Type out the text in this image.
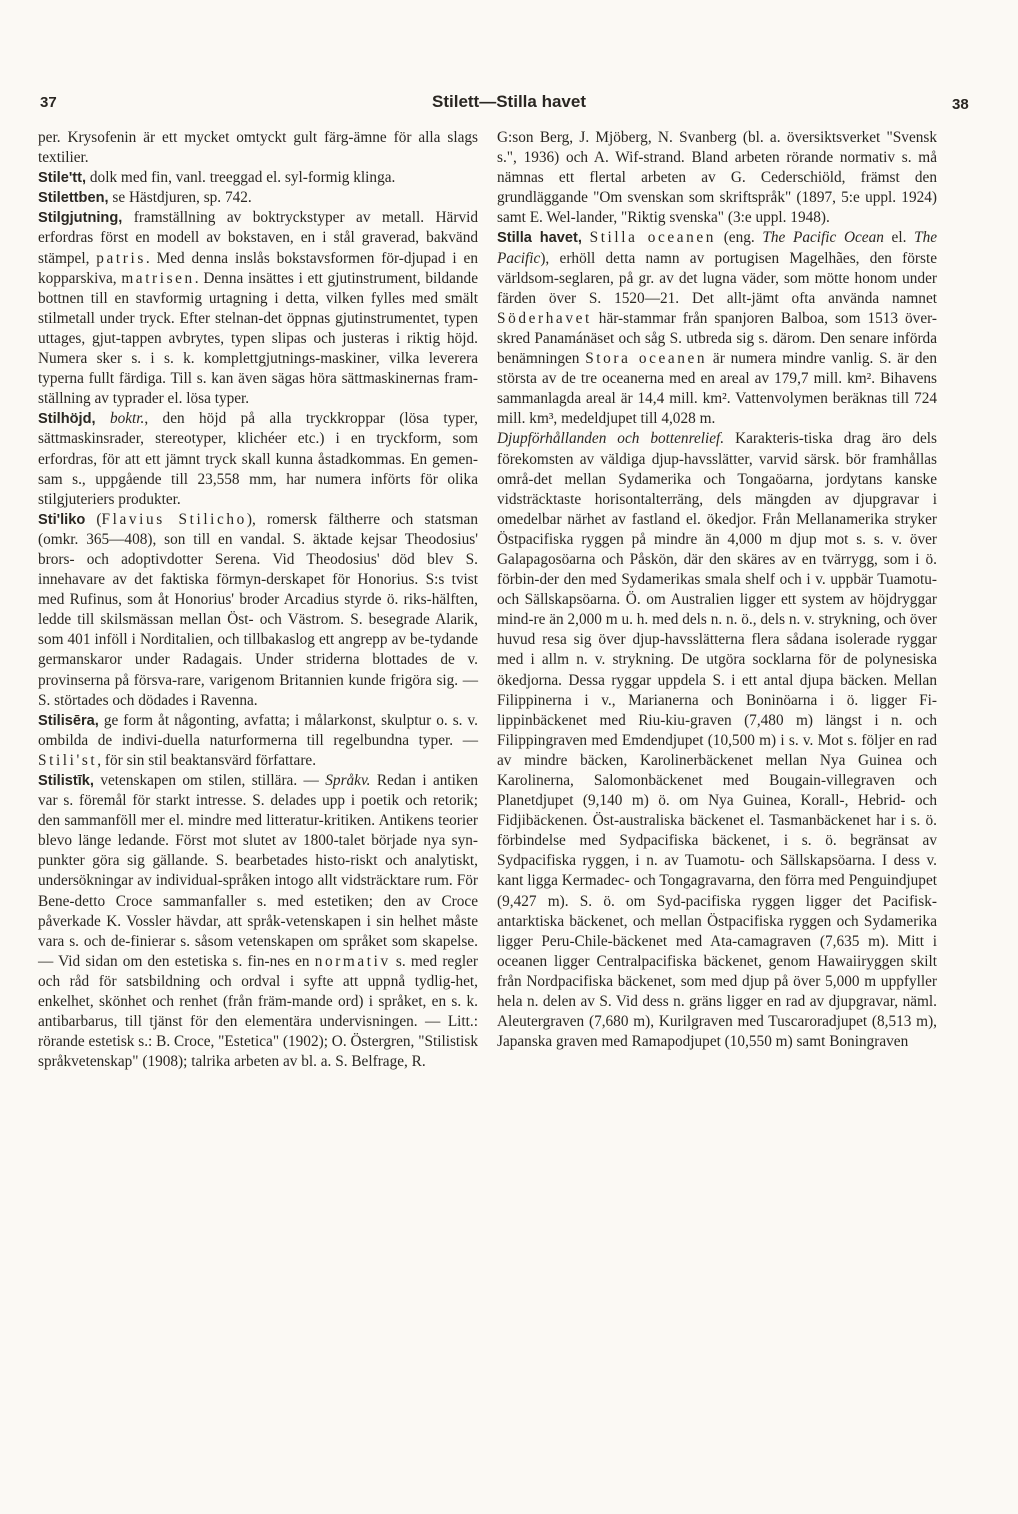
37	Stilett—Stilla havet	38

per. Krysofenin är ett mycket omtyckt gult färg-ämne för alla slags textilier.

Stile'tt, dolk med fin, vanl. treeggad el. syl-formig klinga.

Stilettben, se Hästdjuren, sp. 742.

Stilgjutning, framställning av boktryckstyper av metall. Härvid erfordras först en modell av bokstaven, en i stål graverad, bakvänd stämpel, patris. Med denna inslås bokstavsformen för-djupad i en kopparskiva, matrisen. Denna insättes i ett gjutinstrument, bildande bottnen till en stavformig urtagning i detta, vilken fylles med smält stilmetall under tryck. Efter stelnan-det öppnas gjutinstrumentet, typen uttages, gjut-tappen avbrytes, typen slipas och justeras i riktig höjd. Numera sker s. i s. k. komplettgjutnings-maskiner, vilka leverera typerna fullt färdiga. Till s. kan även sägas höra sättmaskinernas fram-ställning av typrader el. lösa typer.

Stilhöjd, boktr., den höjd på alla tryckkroppar (lösa typer, sättmaskinsrader, stereotyper, klichéer etc.) i en tryckform, som erfordras, för att ett jämnt tryck skall kunna åstadkommas. En gemen-sam s., uppgående till 23,558 mm, har numera införts för olika stilgjuteriers produkter.

Sti'liko (Flavius Stilicho), romersk fältherre och statsman (omkr. 365—408), son till en vandal. S. äktade kejsar Theodosius' brors- och adoptivdotter Serena. Vid Theodosius' död blev S. innehavare av det faktiska förmyn-derskapet för Honorius. S:s tvist med Rufinus, som åt Honorius' broder Arcadius styrde ö. riks-hälften, ledde till skilsmässan mellan Öst- och Västrom. S. besegrade Alarik, som 401 inföll i Norditalien, och tillbakaslog ett angrepp av be-tydande germanskaror under Radagais. Under striderna blottades de v. provinserna på försva-rare, varigenom Britannien kunde frigöra sig. — S. störtades och dödades i Ravenna.

Stilisēra, ge form åt någonting, avfatta; i målarkonst, skulptur o. s. v. ombilda de indivi-duella naturformerna till regelbundna typer. — Stili'st, för sin stil beaktansvärd författare.

Stilistīk, vetenskapen om stilen, stillära. — Språkv. Redan i antiken var s. föremål för starkt intresse. S. delades upp i poetik och retorik; den sammanföll mer el. mindre med litteratur-kritiken. Antikens teorier blevo länge ledande. Först mot slutet av 1800-talet började nya syn-punkter göra sig gällande. S. bearbetades histo-riskt och analytiskt, undersökningar av individual-språken intogo allt vidsträcktare rum. För Bene-detto Croce sammanfaller s. med estetiken; den av Croce påverkade K. Vossler hävdar, att språk-vetenskapen i sin helhet måste vara s. och de-finierar s. såsom vetenskapen om språket som skapelse. — Vid sidan om den estetiska s. fin-nes en normativ s. med regler och råd för satsbildning och ordval i syfte att uppnå tydlig-het, enkelhet, skönhet och renhet (från främ-mande ord) i språket, en s. k. antibarbarus, till tjänst för den elementära undervisningen. — Litt.: rörande estetisk s.: B. Croce, "Estetica" (1902); O. Östergren, "Stilistisk språkvetenskap" (1908); talrika arbeten av bl. a. S. Belfrage, R.

G:son Berg, J. Mjöberg, N. Svanberg (bl. a. översiktsverket "Svensk s.", 1936) och A. Wif-strand. Bland arbeten rörande normativ s. må nämnas ett flertal arbeten av G. Cederschiöld, främst den grundläggande "Om svenskan som skriftspråk" (1897, 5:e uppl. 1924) samt E. Wel-lander, "Riktig svenska" (3:e uppl. 1948).

Stilla havet, Stilla oceanen (eng. The Pacific Ocean el. The Pacific), erhöll detta namn av portugisen Magelhães, den förste världsom-seglaren, på gr. av det lugna väder, som mötte honom under färden över S. 1520—21. Det allt-jämt ofta använda namnet Söderhavet här-stammar från spanjoren Balboa, som 1513 över-skred Panamánäset och såg S. utbreda sig s. därom. Den senare införda benämningen Stora oceanen är numera mindre vanlig. S. är den största av de tre oceanerna med en areal av 179,7 mill. km². Bihavens sammanlagda areal är 14,4 mill. km². Vattenvolymen beräknas till 724 mill. km³, medeldjupet till 4,028 m.

Djupförhållanden och bottenrelief. Karakteris-tiska drag äro dels förekomsten av väldiga djup-havsslätter, varvid särsk. bör framhållas områ-det mellan Sydamerika och Tongaöarna, jordytans kanske vidsträcktaste horisontalterräng, dels mängden av djupgravar i omedelbar närhet av fastland el. ökedjor. Från Mellanamerika stryker Östpacifiska ryggen på mindre än 4,000 m djup mot s. s. v. över Galapagosöarna och Påskön, där den skäres av en tvärrygg, som i ö. förbin-der den med Sydamerikas smala shelf och i v. uppbär Tuamotu- och Sällskapsöarna. Ö. om Australien ligger ett system av höjdryggar mind-re än 2,000 m u. h. med dels n. n. ö., dels n. v. strykning, och över huvud resa sig över djup-havsslätterna flera sådana isolerade ryggar med i allm n. v. strykning. De utgöra socklarna för de polynesiska ökedjorna. Dessa ryggar uppdela S. i ett antal djupa bäcken. Mellan Filippinerna i v., Marianerna och Boninöarna i ö. ligger Fi-lippinbäckenet med Riu-kiu-graven (7,480 m) längst i n. och Filippingraven med Emdendjupet (10,500 m) i s. v. Mot s. följer en rad av mindre bäcken, Karolinerbäckenet mellan Nya Guinea och Karolinerna, Salomonbäckenet med Bougain-villegraven och Planetdjupet (9,140 m) ö. om Nya Guinea, Korall-, Hebrid- och Fidjibäckenen. Öst-australiska bäckenet el. Tasmanbäckenet har i s. ö. förbindelse med Sydpacifiska bäckenet, i s. ö. begränsat av Sydpacifiska ryggen, i n. av Tuamotu- och Sällskapsöarna. I dess v. kant ligga Kermadec- och Tongagravarna, den förra med Penguindjupet (9,427 m). S. ö. om Syd-pacifiska ryggen ligger det Pacifisk-antarktiska bäckenet, och mellan Östpacifiska ryggen och Sydamerika ligger Peru-Chile-bäckenet med Ata-camagraven (7,635 m). Mitt i oceanen ligger Centralpacifiska bäckenet, genom Hawaiiryggen skilt från Nordpacifiska bäckenet, som med djup på över 5,000 m uppfyller hela n. delen av S. Vid dess n. gräns ligger en rad av djupgravar, näml. Aleutergraven (7,680 m), Kurilgraven med Tuscaroradjupet (8,513 m), Japanska graven med Ramapodjupet (10,550 m) samt Boningraven
